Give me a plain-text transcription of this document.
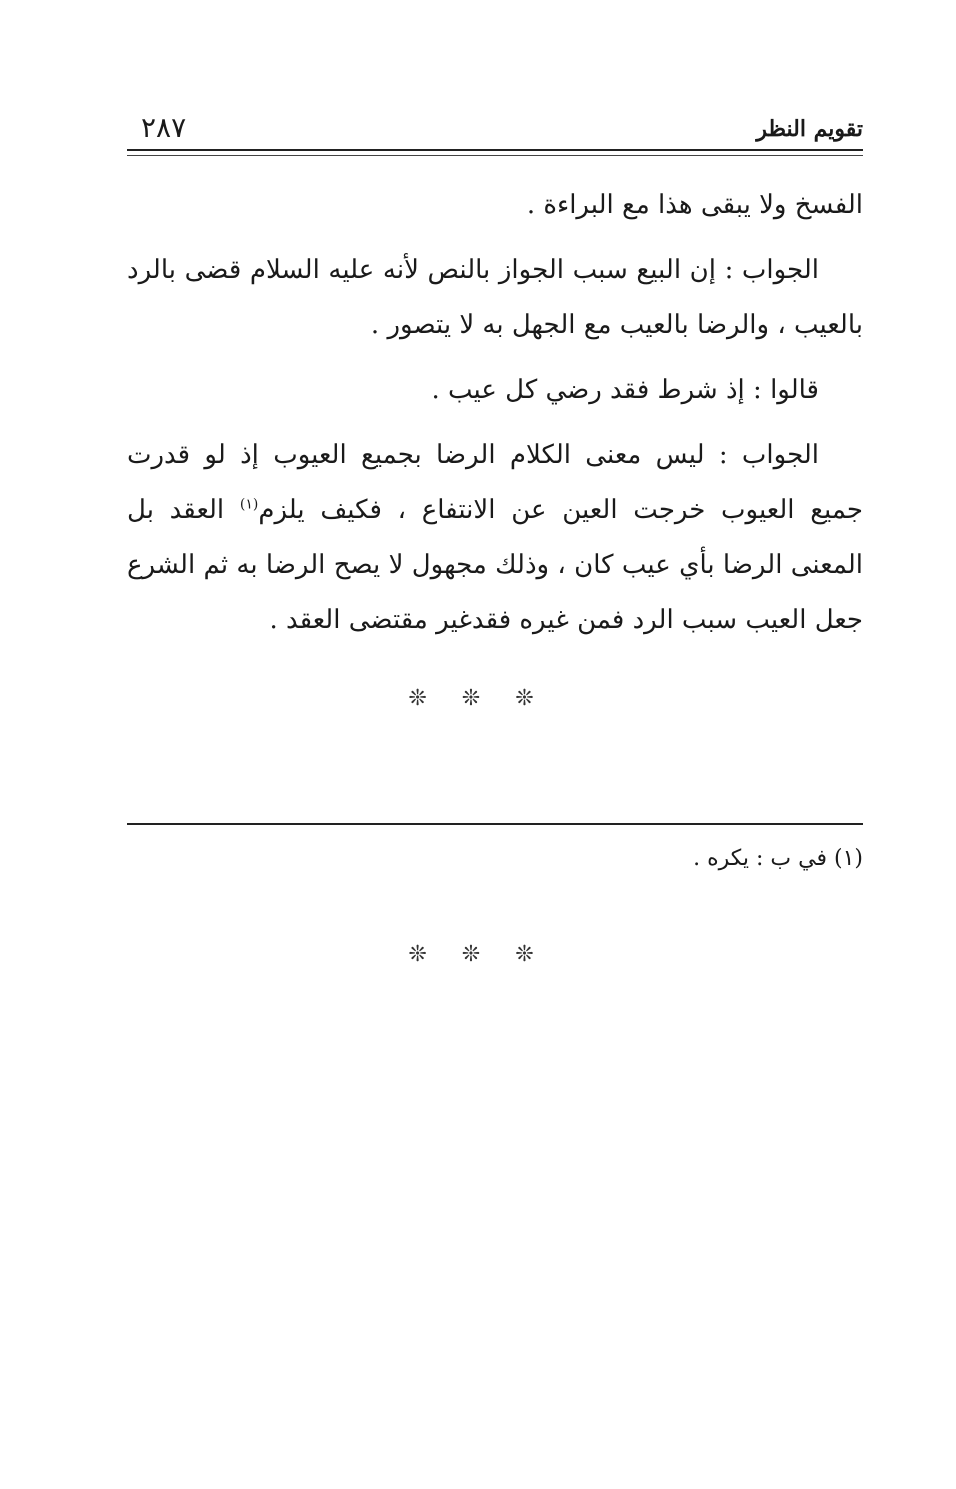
٢٨٧	تقويم النظر

الفسخ ولا يبقى هذا مع البراءة .

الجواب : إن البيع سبب الجواز بالنص لأنه عليه السلام قضى بالرد بالعيب ، والرضا بالعيب مع الجهل به لا يتصور .

قالوا : إذ شرط فقد رضي كل عيب .

الجواب : ليس معنى الكلام الرضا بجميع العيوب إذ لو قدرت جميع العيوب خرجت العين عن الانتفاع ، فكيف يلزم$^{(١)}$ العقد بل المعنى الرضا بأي عيب كان ، وذلك مجهول لا يصح الرضا به ثم الشرع جعل العيب سبب الرد فمن غيره فقدغير مقتضى العقد .

❊ ❊ ❊
(١) في ب : يكره .
❊ ❊ ❊
